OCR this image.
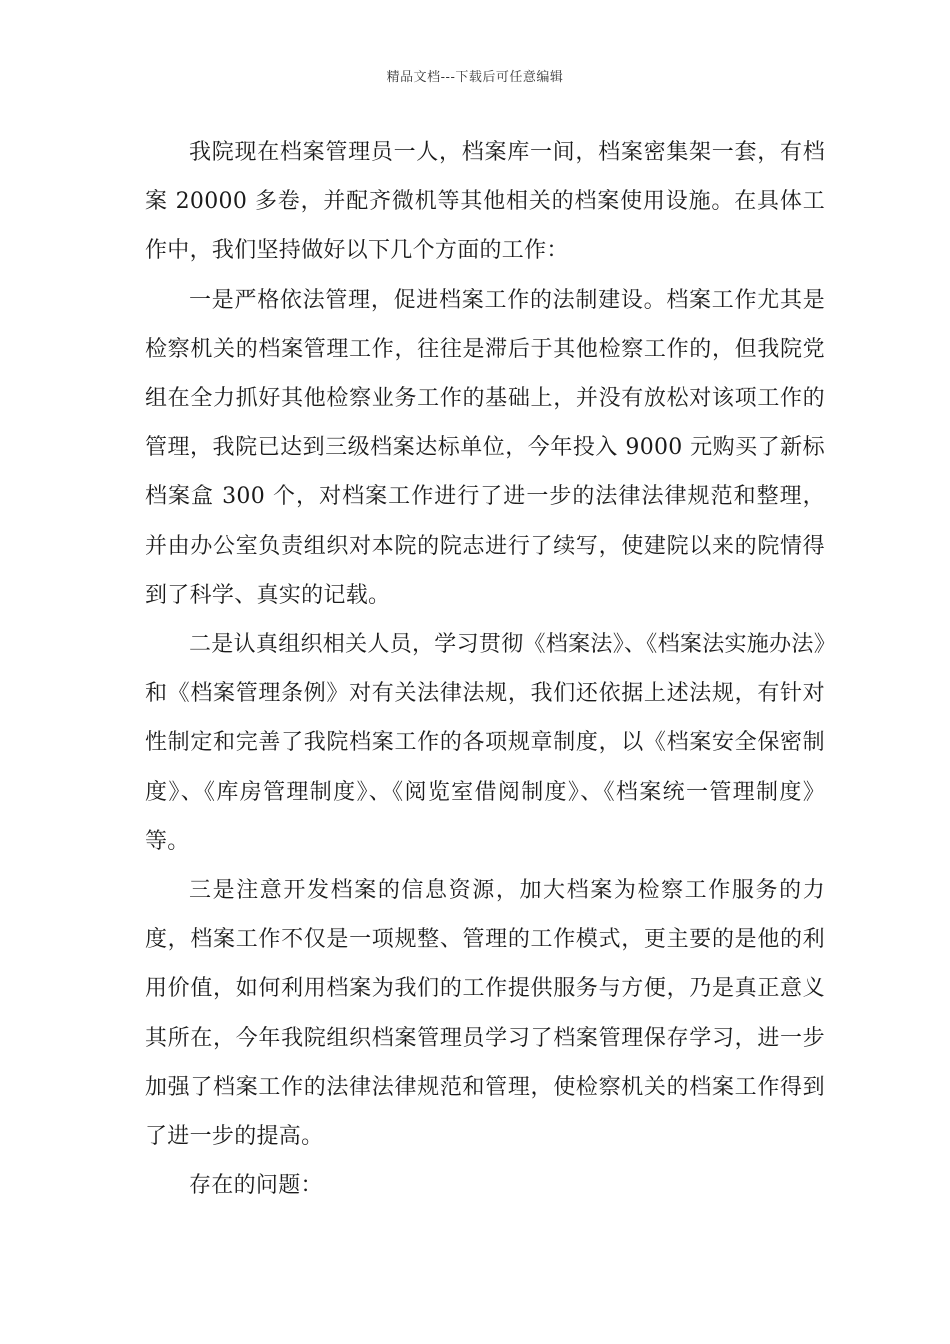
精品文档---下载后可任意编辑

我院现在档案管理员一人，档案库一间，档案密集架一套，有档案 20000 多卷，并配齐微机等其他相关的档案使用设施。在具体工作中，我们坚持做好以下几个方面的工作：

一是严格依法管理，促进档案工作的法制建设。档案工作尤其是检察机关的档案管理工作，往往是滞后于其他检察工作的，但我院党组在全力抓好其他检察业务工作的基础上，并没有放松对该项工作的管理，我院已达到三级档案达标单位，今年投入 9000 元购买了新标档案盒 300 个，对档案工作进行了进一步的法律法律规范和整理，并由办公室负责组织对本院的院志进行了续写，使建院以来的院情得到了科学、真实的记载。

二是认真组织相关人员，学习贯彻《档案法》、《档案法实施办法》和《档案管理条例》对有关法律法规，我们还依据上述法规，有针对性制定和完善了我院档案工作的各项规章制度，以《档案安全保密制度》、《库房管理制度》、《阅览室借阅制度》、《档案统一管理制度》等。

三是注意开发档案的信息资源，加大档案为检察工作服务的力度，档案工作不仅是一项规整、管理的工作模式，更主要的是他的利用价值，如何利用档案为我们的工作提供服务与方便，乃是真正意义其所在，今年我院组织档案管理员学习了档案管理保存学习，进一步加强了档案工作的法律法律规范和管理，使检察机关的档案工作得到了进一步的提高。

存在的问题：
